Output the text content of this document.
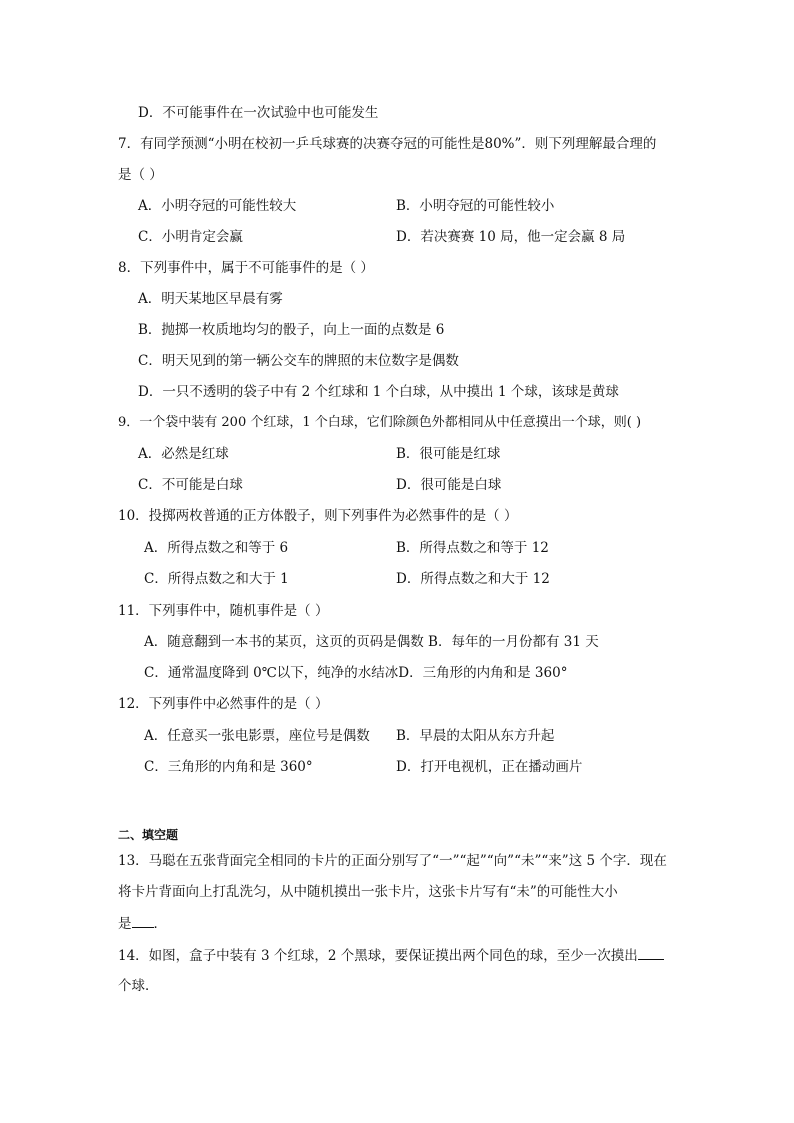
D．不可能事件在一次试验中也可能发生
7．有同学预测“小明在校初一乒乓球赛的决赛夺冠的可能性是80%”．则下列理解最合理的
是（ ）
A．小明夺冠的可能性较大	B．小明夺冠的可能性较小
C．小明肯定会赢	D．若决赛赛 10 局，他一定会赢 8 局
8．下列事件中，属于不可能事件的是（ ）
A．明天某地区早晨有雾
B．抛掷一枚质地均匀的骰子，向上一面的点数是 6
C．明天见到的第一辆公交车的牌照的末位数字是偶数
D．一只不透明的袋子中有 2 个红球和 1 个白球，从中摸出 1 个球，该球是黄球
9．一个袋中装有 200 个红球，1 个白球，它们除颜色外都相同从中任意摸出一个球，则( )
A．必然是红球	B．很可能是红球
C．不可能是白球	D．很可能是白球
10．投掷两枚普通的正方体骰子，则下列事件为必然事件的是（ ）
A．所得点数之和等于 6	B．所得点数之和等于 12
C．所得点数之和大于 1	D．所得点数之和大于 12
11．下列事件中，随机事件是（ ）
A．随意翻到一本书的某页，这页的页码是偶数 B．每年的一月份都有 31 天
C．通常温度降到 0℃以下，纯净的水结冰D．三角形的内角和是 360°
12．下列事件中必然事件的是（ ）
A．任意买一张电影票，座位号是偶数 B．早晨的太阳从东方升起
C．三角形的内角和是 360°	D．打开电视机，正在播动画片
二、填空题
13．马聪在五张背面完全相同的卡片的正面分别写了“一”“起”“向”“未”“来”这 5 个字．现在
将卡片背面向上打乱洗匀，从中随机摸出一张卡片，这张卡片写有“未”的可能性大小
是 ．
14．如图，盒子中装有 3 个红球，2 个黑球，要保证摸出两个同色的球，至少一次摸出
个球．
